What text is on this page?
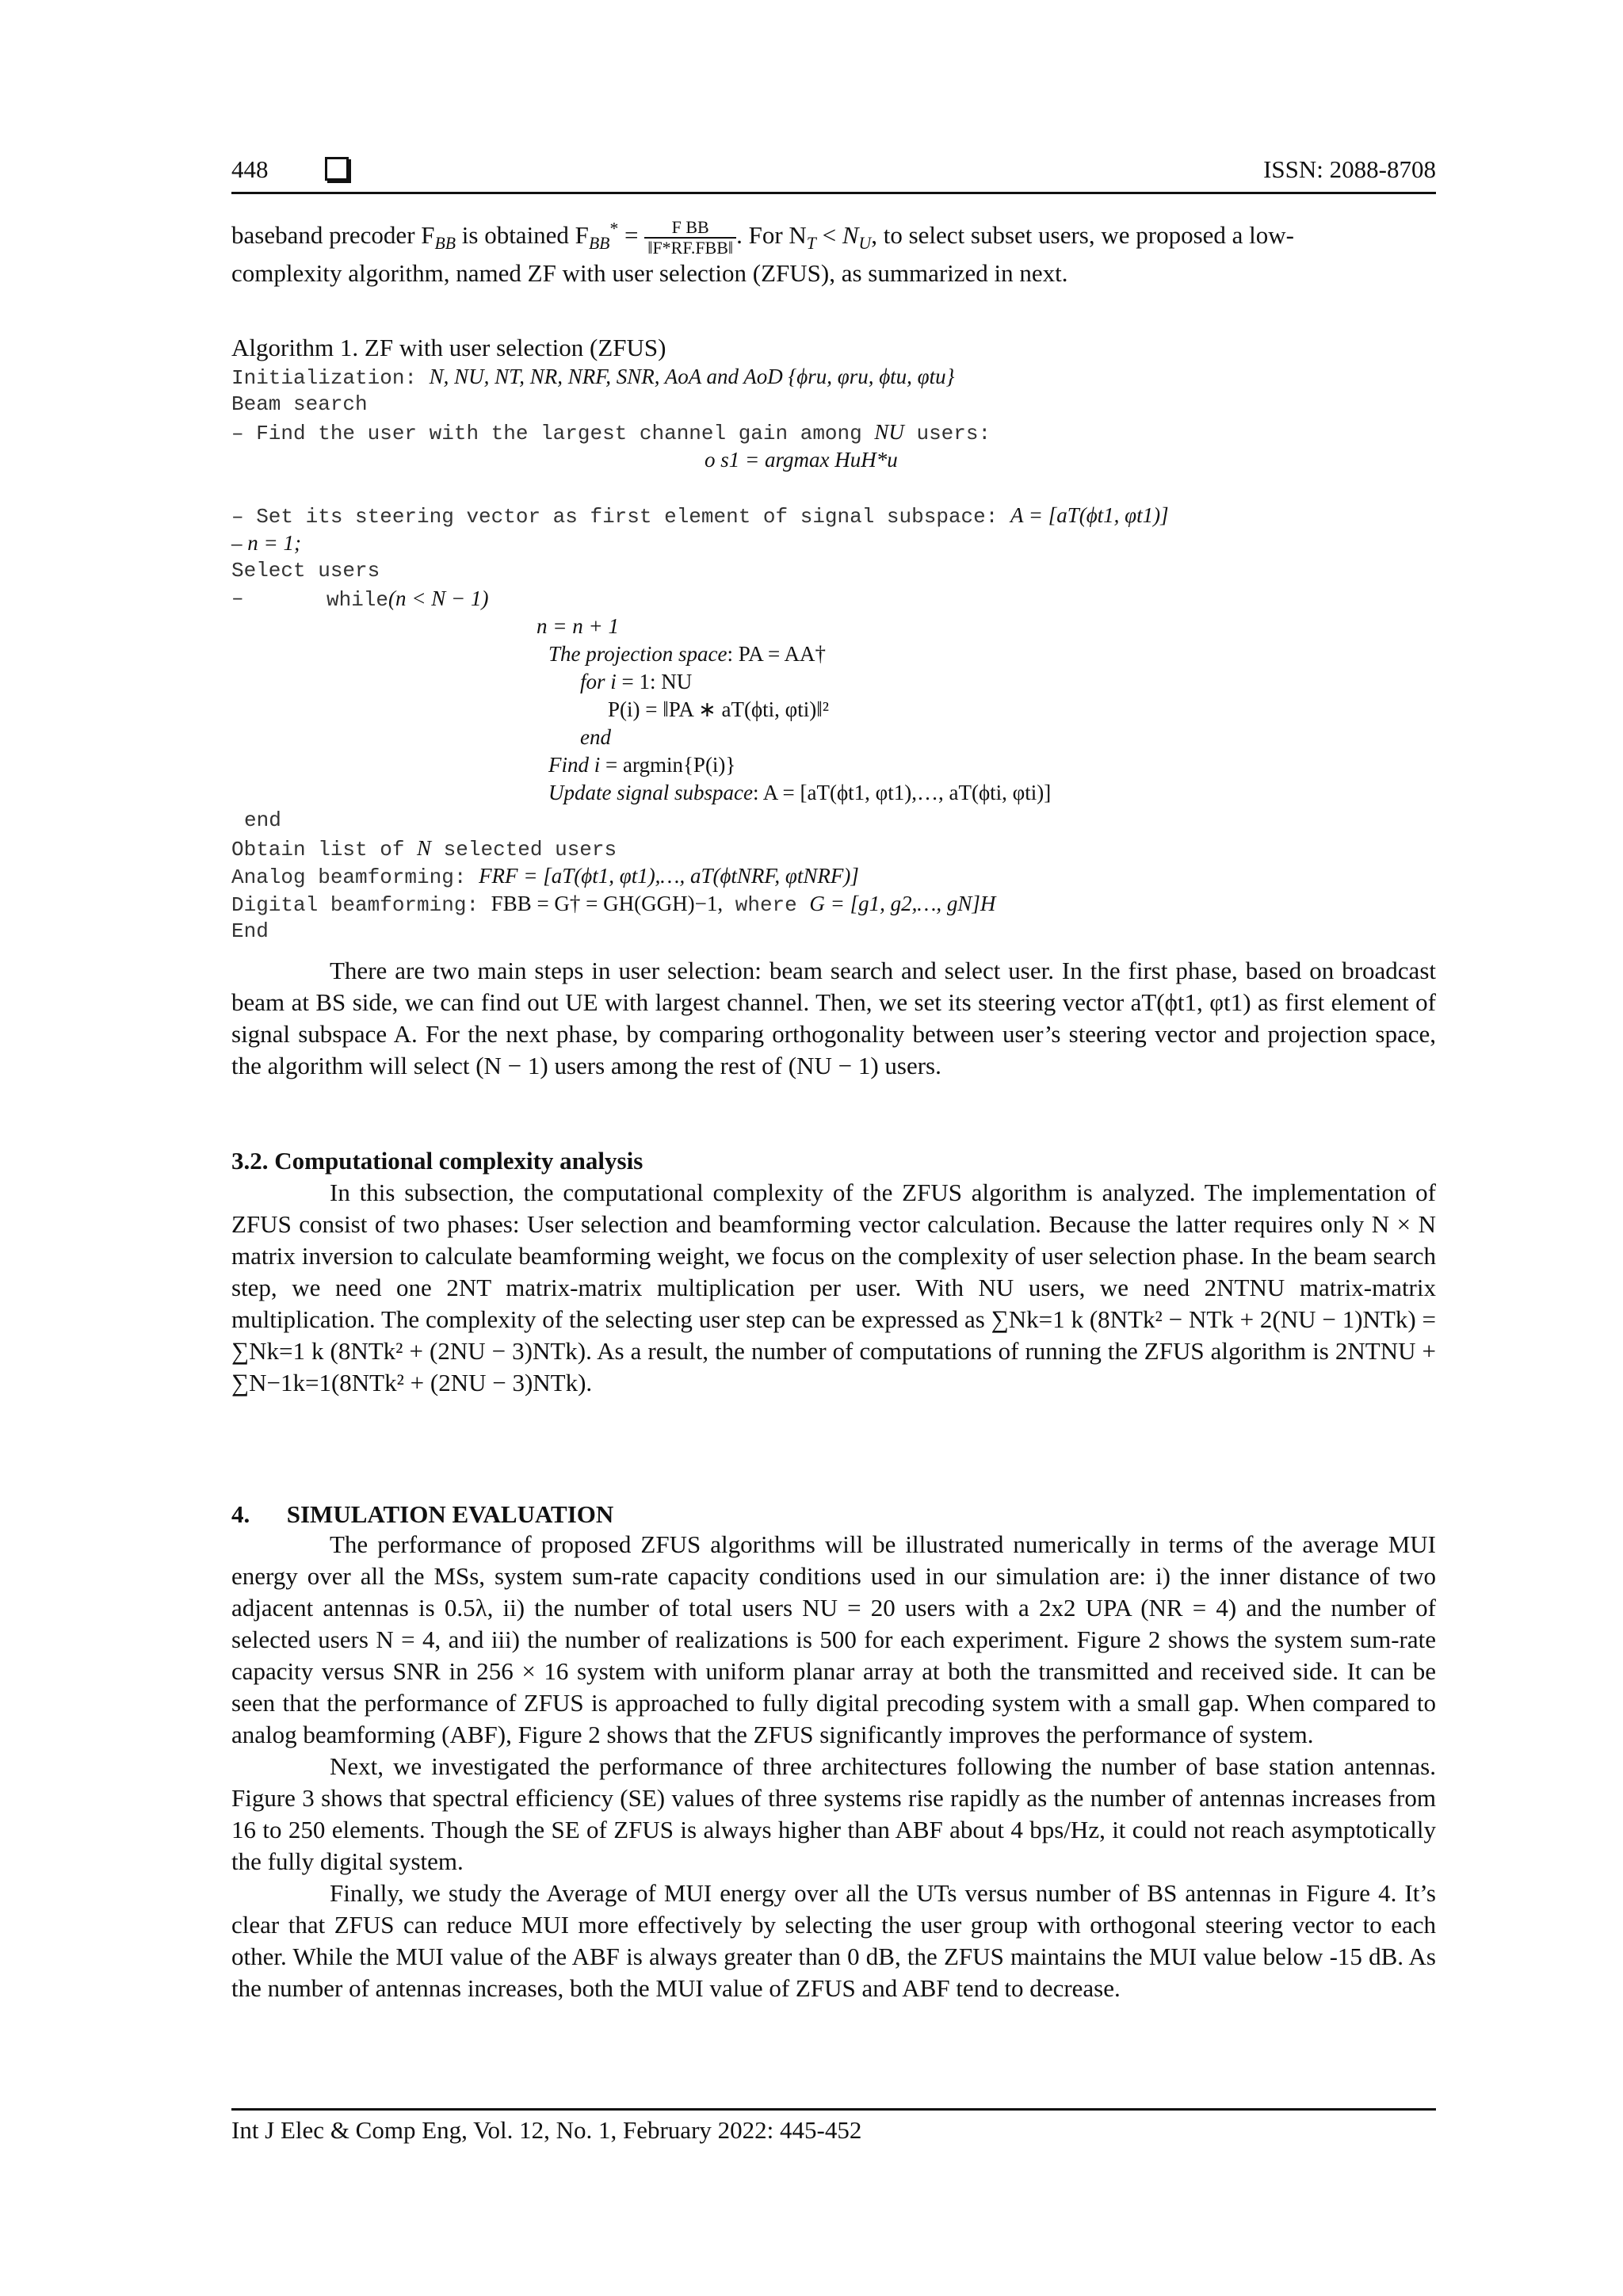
448	ISSN: 2088-8708

baseband precoder $F_{BB}$ is obtained $F_{BB}^* = \frac{\text{F BB}}{\text{‖F*RF.FBB‖}}$ . For $N_T < N_U$, to select subset users, we proposed a low-

complexity algorithm, named ZF with user selection (ZFUS), as summarized in next.

Algorithm 1. ZF with user selection (ZFUS)
Initialization: N, NU, NT, NR, NRF, SNR, AoA and AoD {ϕru, φru, ϕtu, φtu}
Beam search
– Find the user with the largest channel gain among NU users:
o s1 = argmax HuH*u
– Set its steering vector as first element of signal subspace: A = [aT(ϕt1, φt1)]
– n = 1;
Select users
–	while(n < N − 1)
n = n + 1
The projection space: PA = AA†
for i = 1: NU
P(i) = ‖PA ∗ aT(ϕti, φti)‖²
end
Find i = argmin{P(i)}
Update signal subspace: A = [aT(ϕt1, φt1),…, aT(ϕti, φti)]
end
Obtain list of N selected users
Analog beamforming: FRF = [aT(ϕt1, φt1),…, aT(ϕtNRF, φtNRF)]
Digital beamforming: FBB = G† = GH(GGH)−1, where G = [g1, g2,…, gN]H
End

There are two main steps in user selection: beam search and select user. In the first phase, based on broadcast beam at BS side, we can find out UE with largest channel. Then, we set its steering vector aT(ϕt1, φt1) as first element of signal subspace A. For the next phase, by comparing orthogonality between user’s steering vector and projection space, the algorithm will select (N − 1) users among the rest of (NU − 1) users.

3.2. Computational complexity analysis

In this subsection, the computational complexity of the ZFUS algorithm is analyzed. The implementation of ZFUS consist of two phases: User selection and beamforming vector calculation. Because the latter requires only N × N matrix inversion to calculate beamforming weight, we focus on the complexity of user selection phase. In the beam search step, we need one 2NT matrix-matrix multiplication per user. With NU users, we need 2NTNU matrix-matrix multiplication. The complexity of the selecting user step can be expressed as ∑Nk=1 k (8NTk² − NTk + 2(NU − 1)NTk) = ∑Nk=1 k (8NTk² + (2NU − 3)NTk). As a result, the number of computations of running the ZFUS algorithm is 2NTNU + ∑N−1k=1(8NTk² + (2NU − 3)NTk).

4.      SIMULATION EVALUATION

The performance of proposed ZFUS algorithms will be illustrated numerically in terms of the average MUI energy over all the MSs, system sum-rate capacity conditions used in our simulation are: i) the inner distance of two adjacent antennas is 0.5λ, ii) the number of total users NU = 20 users with a 2x2 UPA (NR = 4) and the number of selected users N = 4, and iii) the number of realizations is 500 for each experiment. Figure 2 shows the system sum-rate capacity versus SNR in 256 × 16 system with uniform planar array at both the transmitted and received side. It can be seen that the performance of ZFUS is approached to fully digital precoding system with a small gap. When compared to analog beamforming (ABF), Figure 2 shows that the ZFUS significantly improves the performance of system.

Next, we investigated the performance of three architectures following the number of base station antennas. Figure 3 shows that spectral efficiency (SE) values of three systems rise rapidly as the number of antennas increases from 16 to 250 elements. Though the SE of ZFUS is always higher than ABF about 4 bps/Hz, it could not reach asymptotically the fully digital system.

Finally, we study the Average of MUI energy over all the UTs versus number of BS antennas in Figure 4. It’s clear that ZFUS can reduce MUI more effectively by selecting the user group with orthogonal steering vector to each other. While the MUI value of the ABF is always greater than 0 dB, the ZFUS maintains the MUI value below -15 dB. As the number of antennas increases, both the MUI value of ZFUS and ABF tend to decrease.

Int J Elec & Comp Eng, Vol. 12, No. 1, February 2022: 445-452
